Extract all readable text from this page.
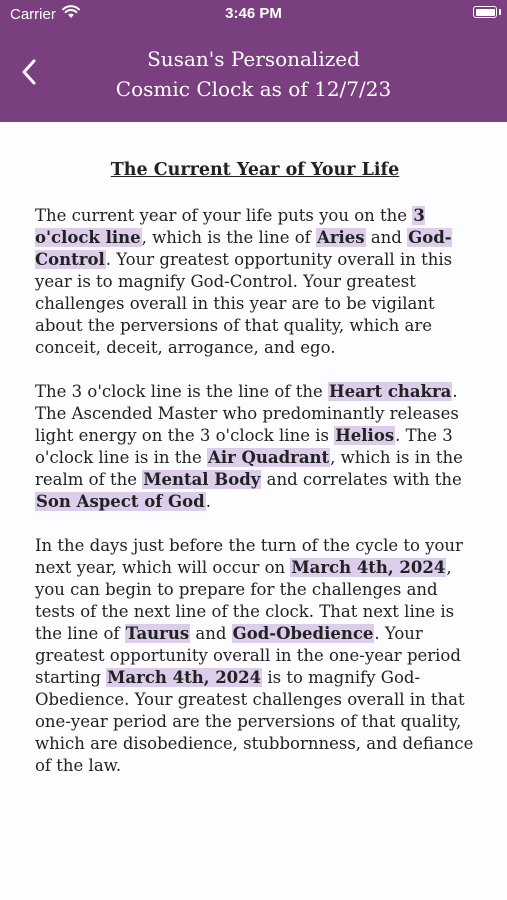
Carrier	3:46 PM
Susan's Personalized
Cosmic Clock as of 12/7/23
The Current Year of Your Life

The current year of your life puts you on the 3 o'clock line, which is the line of Aries and God-Control. Your greatest opportunity overall in this year is to magnify God-Control. Your greatest challenges overall in this year are to be vigilant about the perversions of that quality, which are conceit, deceit, arrogance, and ego.

The 3 o'clock line is the line of the Heart chakra. The Ascended Master who predominantly releases light energy on the 3 o'clock line is Helios. The 3 o'clock line is in the Air Quadrant, which is in the realm of the Mental Body and correlates with the Son Aspect of God.

In the days just before the turn of the cycle to your next year, which will occur on March 4th, 2024, you can begin to prepare for the challenges and tests of the next line of the clock. That next line is the line of Taurus and God-Obedience. Your greatest opportunity overall in the one-year period starting March 4th, 2024 is to magnify God-Obedience. Your greatest challenges overall in that one-year period are the perversions of that quality, which are disobedience, stubbornness, and defiance of the law.
